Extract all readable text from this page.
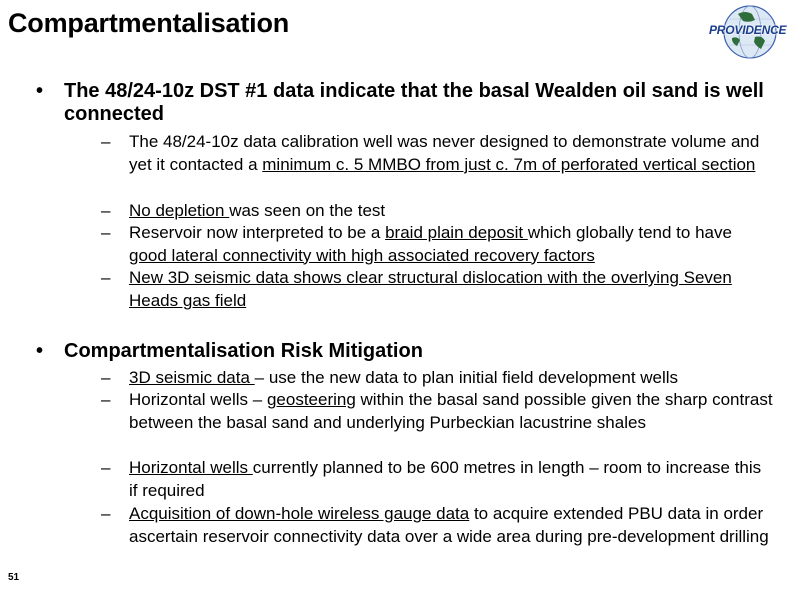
Compartmentalisation	PROVIDENCE
• The 48/24-10z DST #1 data indicate that the basal Wealden oil sand is well connected
– The 48/24-10z data calibration well was never designed to demonstrate volume and yet it contacted a minimum c. 5 MMBO from just c. 7m of perforated vertical section
– No depletion was seen on the test
– Reservoir now interpreted to be a braid plain deposit which globally tend to have good lateral connectivity with high associated recovery factors
– New 3D seismic data shows clear structural dislocation with the overlying Seven Heads gas field
• Compartmentalisation Risk Mitigation
– 3D seismic data – use the new data to plan initial field development wells
– Horizontal wells – geosteering within the basal sand possible given the sharp contrast between the basal sand and underlying Purbeckian lacustrine shales
– Horizontal wells currently planned to be 600 metres in length – room to increase this if required
– Acquisition of down-hole wireless gauge data to acquire extended PBU data in order ascertain reservoir connectivity data over a wide area during pre-development drilling
51
